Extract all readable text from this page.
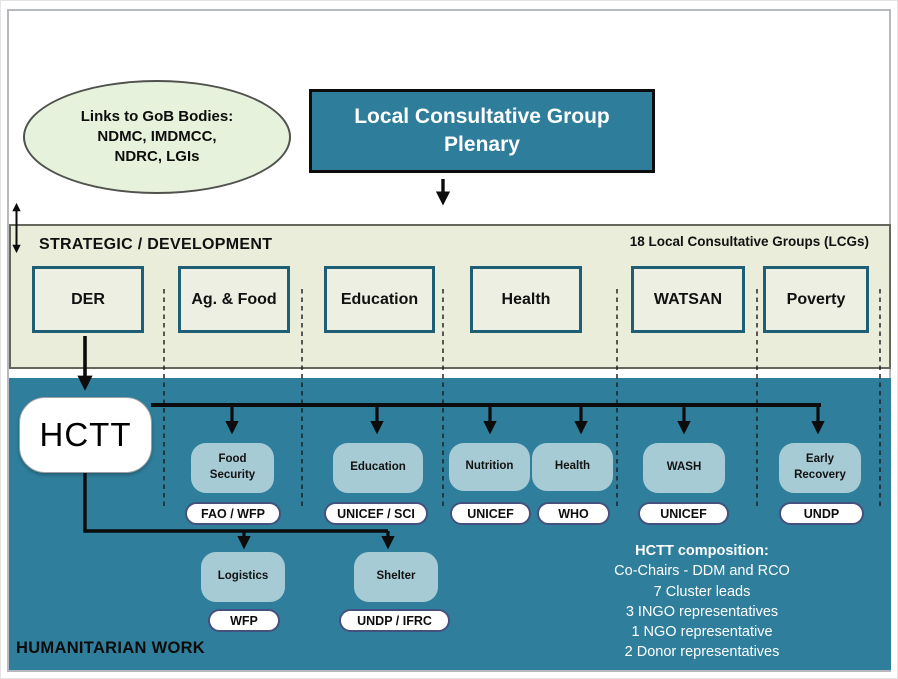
Links to GoB Bodies:
NDMC, IMDMCC,
NDRC, LGIs
Local Consultative Group Plenary
STRATEGIC / DEVELOPMENT	18 Local Consultative Groups (LCGs)
DER	Ag. & Food	Education	Health	WATSAN	Poverty
HCTT
Food Security
Education	Nutrition	Health	WASH
Early Recovery
FAO / WFP	UNICEF / SCI	UNICEF	WHO	UNICEF	UNDP
Logistics	Shelter
WFP	UNDP / IFRC
HCTT composition:
Co-Chairs - DDM and RCO
7 Cluster leads
3 INGO representatives
1 NGO representative
2 Donor representatives
HUMANITARIAN WORK
